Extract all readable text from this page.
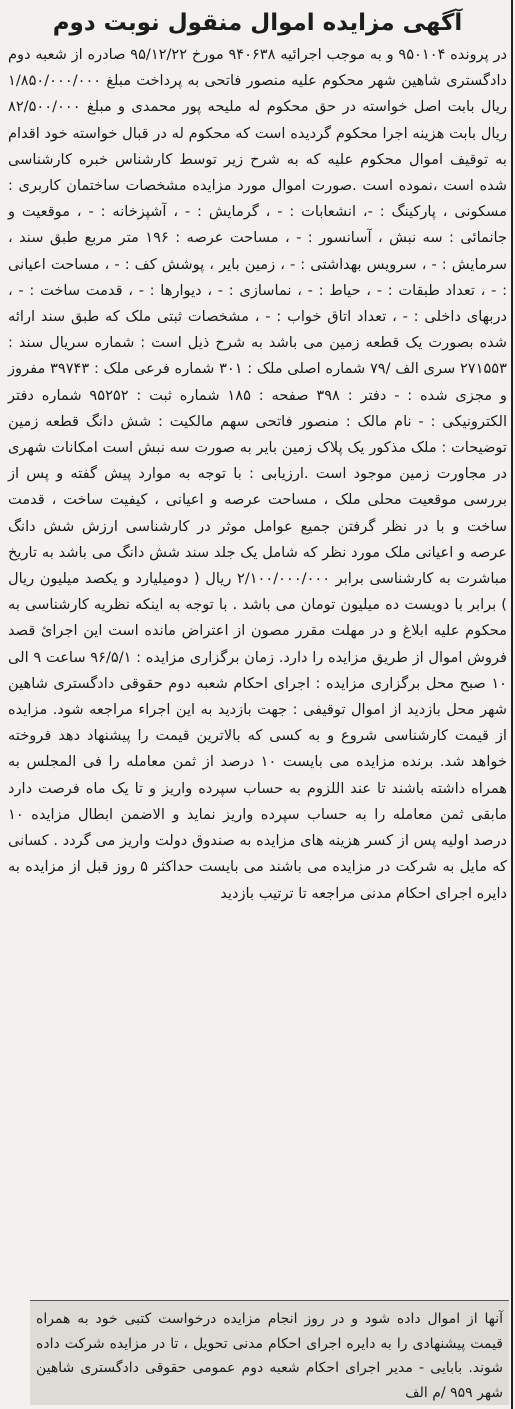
آگهی مزایده اموال منقول نوبت دوم

در پرونده ۹۵۰۱۰۴ و به موجب اجرائیه ۹۴۰۶۳۸ مورخ ۹۵/۱۲/۲۲ صادره از شعبه دوم دادگستری شاهین شهر محکوم علیه منصور فاتحی به پرداخت مبلغ ۱/۸۵۰/۰۰۰/۰۰۰ ریال بابت اصل خواسته در حق محکوم له ملیحه پور محمدی و مبلغ ۸۲/۵۰۰/۰۰۰ ریال بابت هزینه اجرا محکوم گردیده است که محکوم له در قبال خواسته خود اقدام به توقیف اموال محکوم علیه که به شرح زیر توسط کارشناس خبره کارشناسی شده است ،نموده است .صورت اموال مورد مزایده مشخصات ساختمان کاربری : مسکونی ، پارکینگ : -، انشعابات : - ، گرمایش : - ، آشپزخانه : - ، موقعیت و جانمائی : سه نبش ، آسانسور : - ، مساحت عرصه : ۱۹۶ متر مربع طبق سند ، سرمایش : - ، سرویس بهداشتی : - ، زمین بایر ، پوشش کف : - ، مساحت اعیانی : - ، تعداد طبقات : - ، حیاط : - ، نماسازی : - ، دیوارها : - ، قدمت ساخت : - ، دربهای داخلی : - ، تعداد اتاق خواب : - ، مشخصات ثبتی ملک که طبق سند ارائه شده بصورت یک قطعه زمین می باشد به شرح ذیل است : شماره سریال سند : ۲۷۱۵۵۳ سری الف /۷۹ شماره اصلی ملک : ۳۰۱ شماره فرعی ملک : ۳۹۷۴۳ مفروز و مجزی شده : - دفتر : ۳۹۸ صفحه : ۱۸۵ شماره ثبت : ۹۵۲۵۲ شماره دفتر الکترونیکی : - نام مالک : منصور فاتحی سهم مالکیت : شش دانگ قطعه زمین توضیحات : ملک مذکور یک پلاک زمین بایر به صورت سه نبش است امکانات شهری در مجاورت زمین موجود است .ارزیابی : با توجه به موارد پیش گفته و پس از بررسی موقعیت محلی ملک ، مساحت عرصه و اعیانی ، کیفیت ساخت ، قدمت ساخت و با در نظر گرفتن جمیع عوامل موثر در کارشناسی ارزش شش دانگ عرصه و اعیانی ملک مورد نظر که شامل یک جلد سند شش دانگ می باشد به تاریخ مباشرت به کارشناسی برابر ۲/۱۰۰/۰۰۰/۰۰۰ ریال ( دومیلیارد و یکصد میلیون ریال ) برابر با دویست ده میلیون تومان می باشد . با توجه به اینکه نظریه کارشناسی به محکوم علیه ابلاغ و در مهلت مقرر مصون از اعتراض مانده است این اجرائ قصد فروش اموال از طریق مزایده را دارد. زمان برگزاری مزایده : ۹۶/۵/۱ ساعت ۹ الی ۱۰ صبح محل برگزاری مزایده : اجرای احکام شعبه دوم حقوقی دادگستری شاهین شهر محل بازدید از اموال توقیفی : جهت بازدید به این اجراء مراجعه شود. مزایده از قیمت کارشناسی شروع و به کسی که بالاترین قیمت را پیشنهاد دهد فروخته خواهد شد. برنده مزایده می بایست ۱۰ درصد از ثمن معامله را فی المجلس به همراه داشته باشند تا عند اللزوم به حساب سپرده واریز و تا یک ماه فرصت دارد مابقی ثمن معامله را به حساب سپرده واریز نماید و الاضمن ابطال مزایده ۱۰ درصد اولیه پس از کسر هزینه های مزایده به صندوق دولت واریز می گردد . کسانی که مایل به شرکت در مزایده می باشند می بایست حداکثر ۵ روز قبل از مزایده به دایره اجرای احکام مدنی مراجعه تا ترتیب بازدید

آنها از اموال داده شود و در روز انجام مزایده درخواست کتبی خود به همراه قیمت پیشنهادی را به دایره اجرای احکام مدنی تحویل ، تا در مزایده شرکت داده شوند. بابایی - مدیر اجرای احکام شعبه دوم عمومی حقوقی دادگستری شاهین شهر ۹۵۹ /م الف
